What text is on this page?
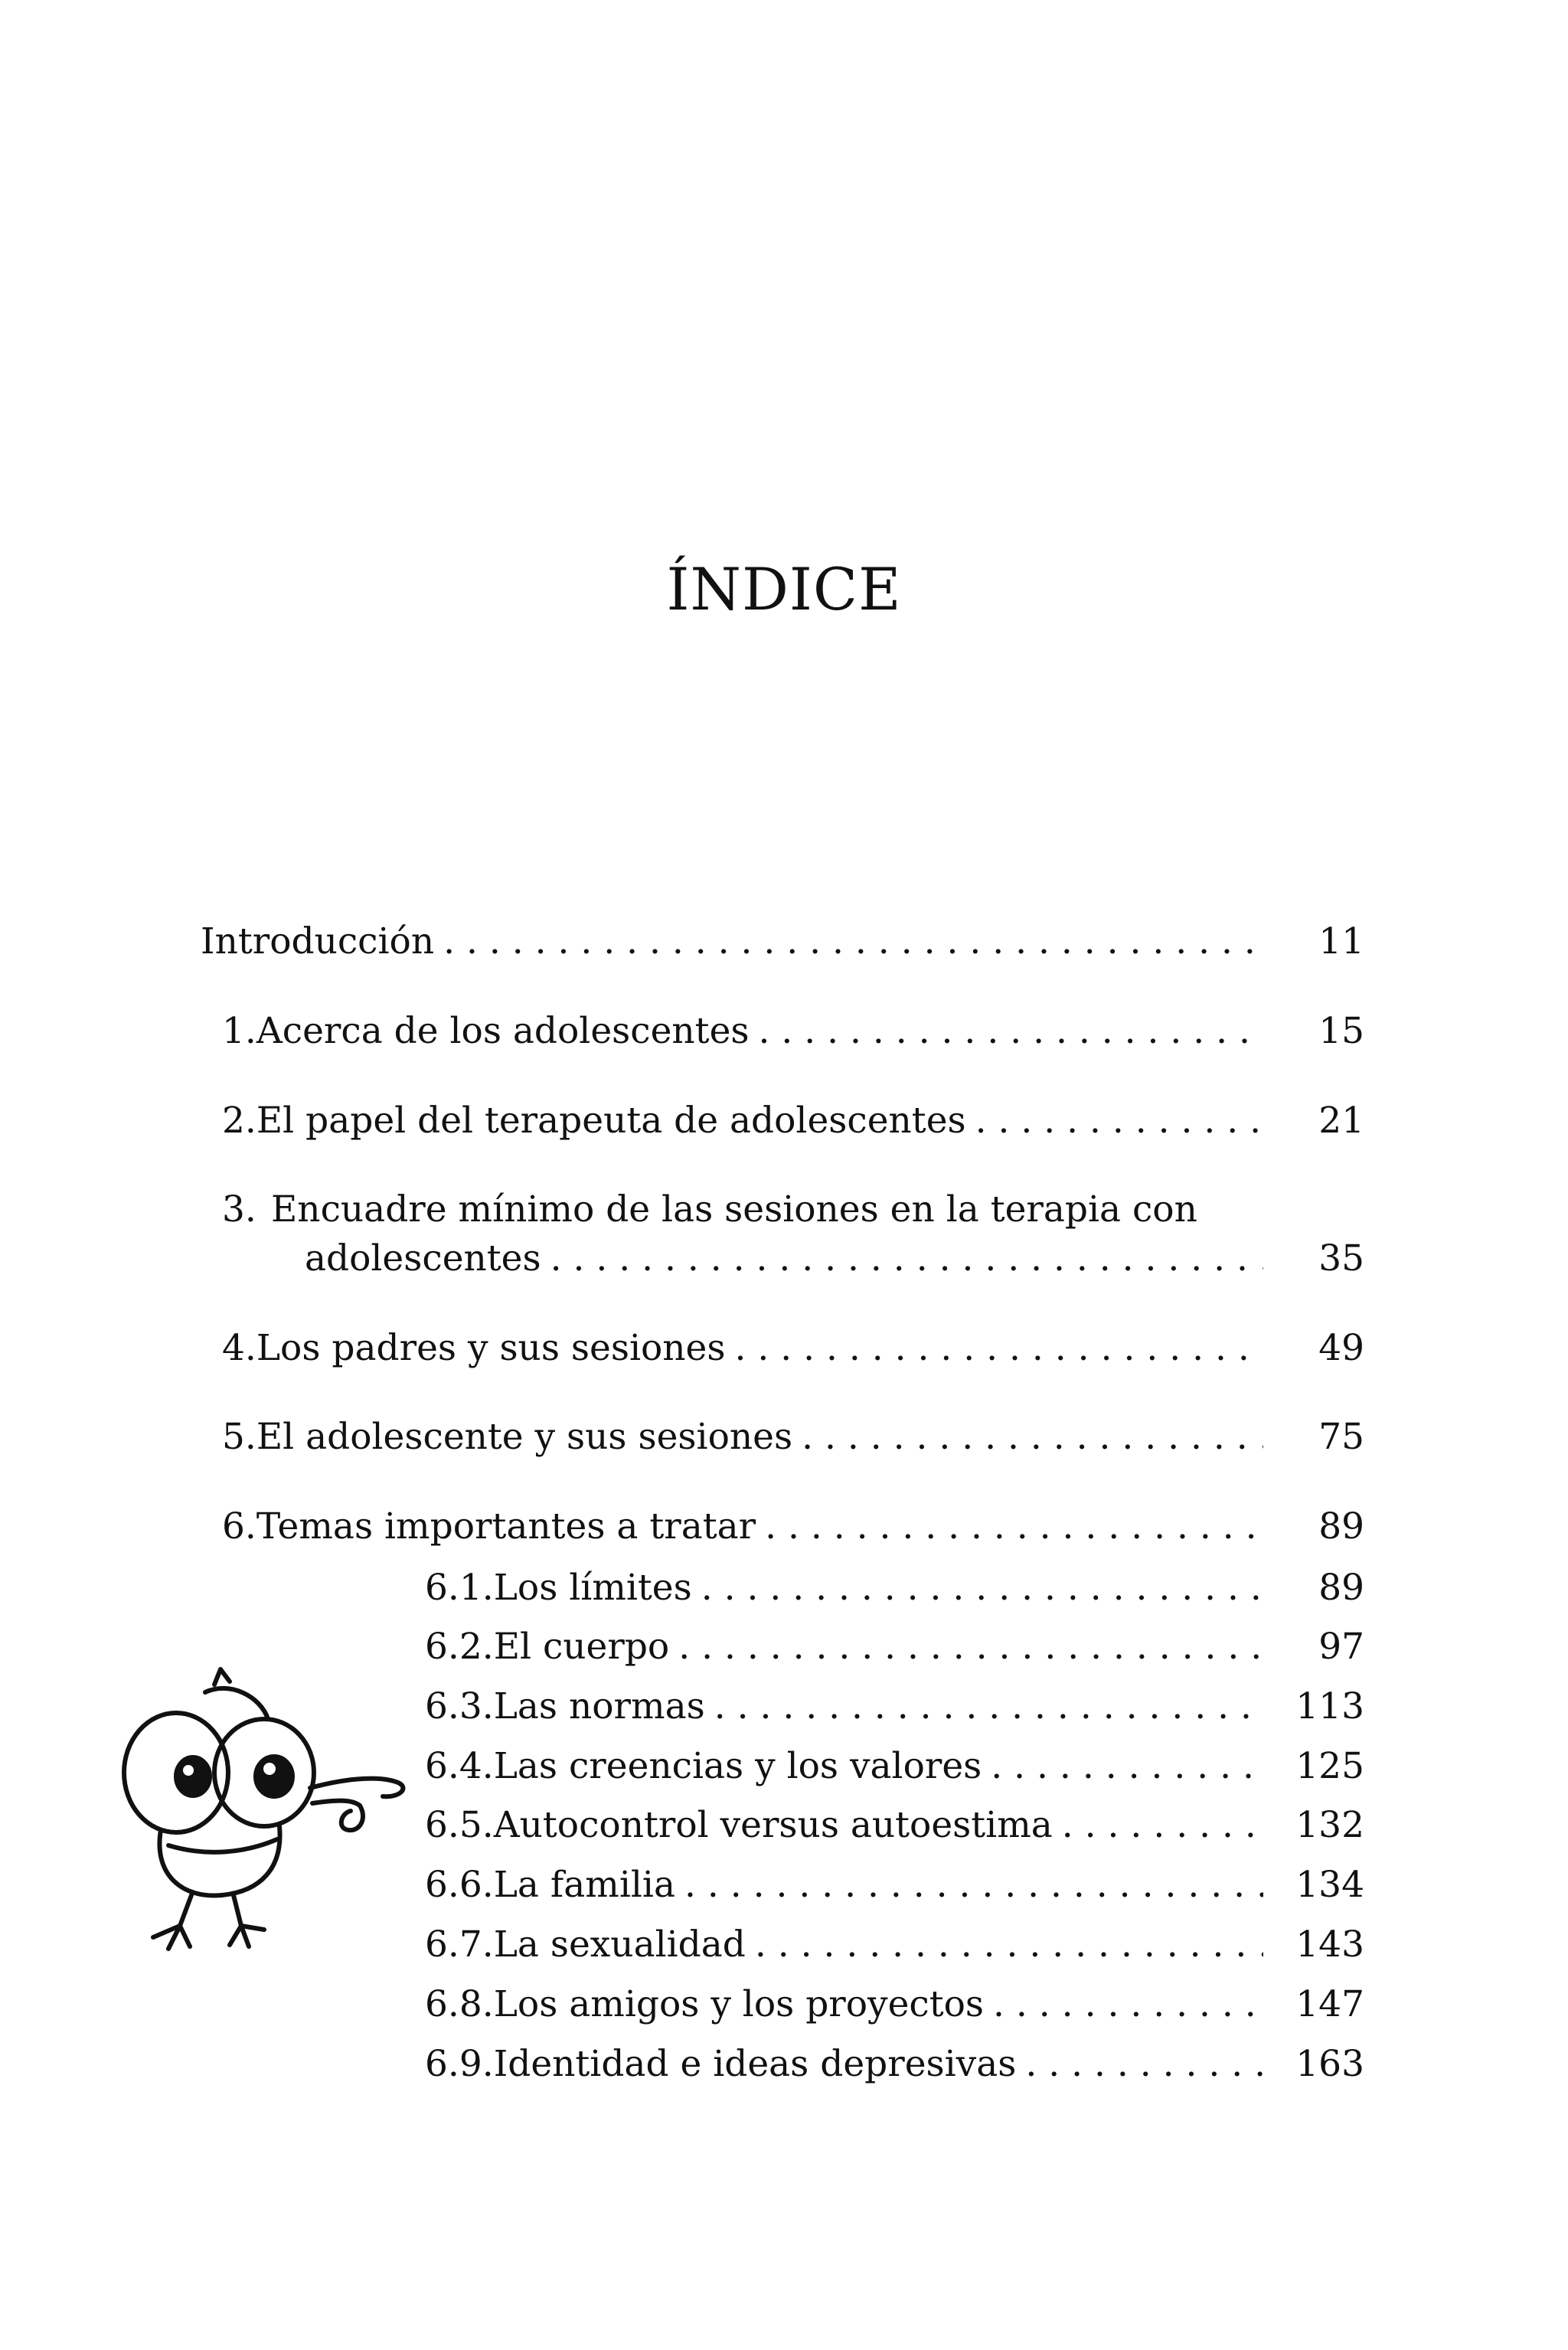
ÍNDICE
Introducción . . .	11
1. Acerca de los adolescentes . . .	15
2. El papel del terapeuta de adolescentes . . .	21
3. Encuadre mínimo de las sesiones en la terapia con
adolescentes . . .	35
4. Los padres y sus sesiones . . .	49
5. El adolescente y sus sesiones . . .	75
6. Temas importantes a tratar . . .	89
6.1. Los límites . . .	89
6.2. El cuerpo . . .	97
6.3. Las normas . . .	113
6.4. Las creencias y los valores . . .	125
6.5. Autocontrol versus autoestima . . .	132
6.6. La familia . . .	134
6.7. La sexualidad . . .	143
6.8. Los amigos y los proyectos . . .	147
6.9. Identidad e ideas depresivas . . .	163
